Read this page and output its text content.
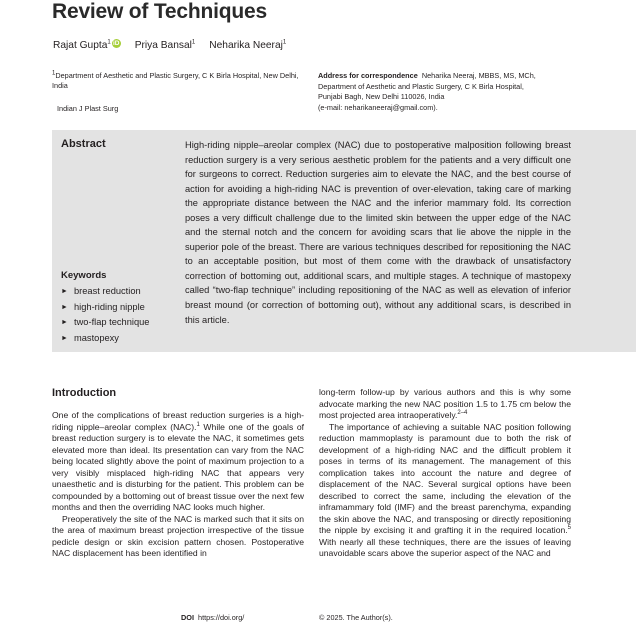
Review of Techniques
Rajat Gupta$^1$ iD Priya Bansal$^1$ Neharika Neeraj$^1$
$^1$Department of Aesthetic and Plastic Surgery, C K Birla Hospital, New Delhi, India
Indian J Plast Surg
Address for correspondence Neharika Neeraj, MBBS, MS, MCh,
Department of Aesthetic and Plastic Surgery, C K Birla Hospital,
Punjabi Bagh, New Delhi 110026, India
(e-mail: neharikaneeraj@gmail.com).
Abstract	High-riding nipple–areolar complex (NAC) due to postoperative malposition following breast reduction surgery is a very serious aesthetic problem for the patients and a very difficult one for surgeons to correct. Reduction surgeries aim to elevate the NAC, and the best course of action for avoiding a high-riding NAC is prevention of over-elevation, taking care of marking the appropriate distance between the NAC and the inferior mammary fold. Its correction poses a very difficult challenge due to the limited skin between the upper edge of the NAC and the sternal notch and the concern for avoiding scars that lie above the nipple in the superior pole of the breast. There are various techniques described for repositioning the NAC to an acceptable position, but most of them come with the drawback of unsatisfactory correction of bottoming out, additional scars, and multiple stages. A technique of mastopexy called “two-flap technique” including repositioning of the NAC as well as elevation of inferior breast mound (or correction of bottoming out), without any additional scars, is described in this article.
Keywords
► breast reduction
► high-riding nipple
► two-flap technique
► mastopexy
Introduction

One of the complications of breast reduction surgeries is a high-riding nipple–areolar complex (NAC).$^1$ While one of the goals of breast reduction surgery is to elevate the NAC, it sometimes gets elevated more than ideal. Its presentation can vary from the NAC being located slightly above the point of maximum projection to a very visibly misplaced high-riding NAC that appears very unaesthetic and is disturbing for the patient. This problem can be compounded by a bottoming out of breast tissue over the next few months and then the overriding NAC looks much higher.

Preoperatively the site of the NAC is marked such that it sits on the area of maximum breast projection irrespective of the tissue pedicle design or skin excision pattern chosen. Postoperative NAC displacement has been identified in

long-term follow-up by various authors and this is why some advocate marking the new NAC position 1.5 to 1.75 cm below the most projected area intraoperatively.$^{2-4}$

The importance of achieving a suitable NAC position following reduction mammoplasty is paramount due to both the risk of development of a high-riding NAC and the difficult problem it poses in terms of its management. The management of this complication takes into account the nature and degree of displacement of the NAC. Several surgical options have been described to correct the same, including the elevation of the inframammary fold (IMF) and the breast parenchyma, expanding the skin above the NAC, and transposing or directly repositioning the nipple by excising it and grafting it in the required location.$^5$ With nearly all these techniques, there are the issues of leaving unavoidable scars above the superior aspect of the NAC and

DOI https://doi.org/	© 2025. The Author(s).
